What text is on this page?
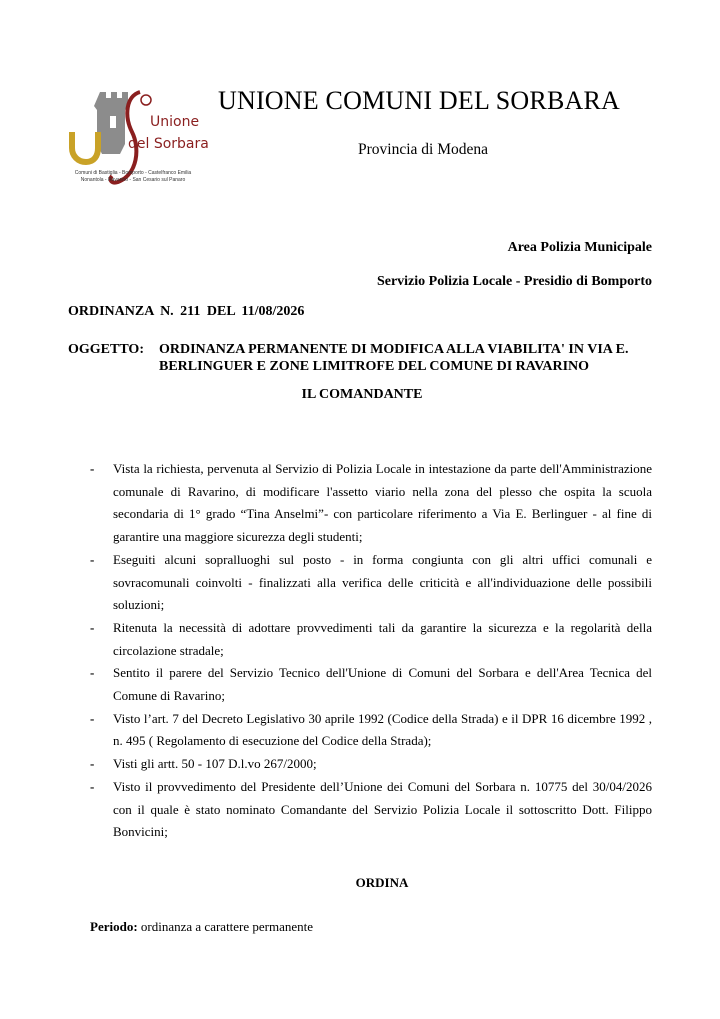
Unione
del Sorbara
Comuni di Bastiglia - Bomporto - Castelfranco Emilia
Nonantola - Ravarino - San Cesario sul Panaro
UNIONE COMUNI DEL SORBARA
Provincia di Modena
Area Polizia Municipale
Servizio Polizia Locale - Presidio di Bomporto
ORDINANZA N. 211 DEL 11/08/2026
OGGETTO: ORDINANZA PERMANENTE DI MODIFICA ALLA VIABILITA' IN VIA E. BERLINGUER E ZONE LIMITROFE DEL COMUNE DI RAVARINO
IL COMANDANTE
- Vista la richiesta, pervenuta al Servizio di Polizia Locale in intestazione da parte dell'Amministrazione comunale di Ravarino, di modificare l'assetto viario nella zona del plesso che ospita la scuola secondaria di 1° grado “Tina Anselmi”- con particolare riferimento a Via E. Berlinguer - al fine di garantire una maggiore sicurezza degli studenti;
- Eseguiti alcuni sopralluoghi sul posto - in forma congiunta con gli altri uffici comunali e sovracomunali coinvolti - finalizzati alla verifica delle criticità e all'individuazione delle possibili soluzioni;
- Ritenuta la necessità di adottare provvedimenti tali da garantire la sicurezza e la regolarità della circolazione stradale;
- Sentito il parere del Servizio Tecnico dell'Unione di Comuni del Sorbara e dell'Area Tecnica del Comune di Ravarino;
- Visto l’art. 7 del Decreto Legislativo 30 aprile 1992 (Codice della Strada) e il DPR 16 dicembre 1992 , n. 495 ( Regolamento di esecuzione del Codice della Strada);
- Visti gli artt. 50 - 107 D.l.vo 267/2000;
- Visto il provvedimento del Presidente dell’Unione dei Comuni del Sorbara n. 10775 del 30/04/2026 con il quale è stato nominato Comandante del Servizio Polizia Locale il sottoscritto Dott. Filippo Bonvicini;
ORDINA
Periodo: ordinanza a carattere permanente
